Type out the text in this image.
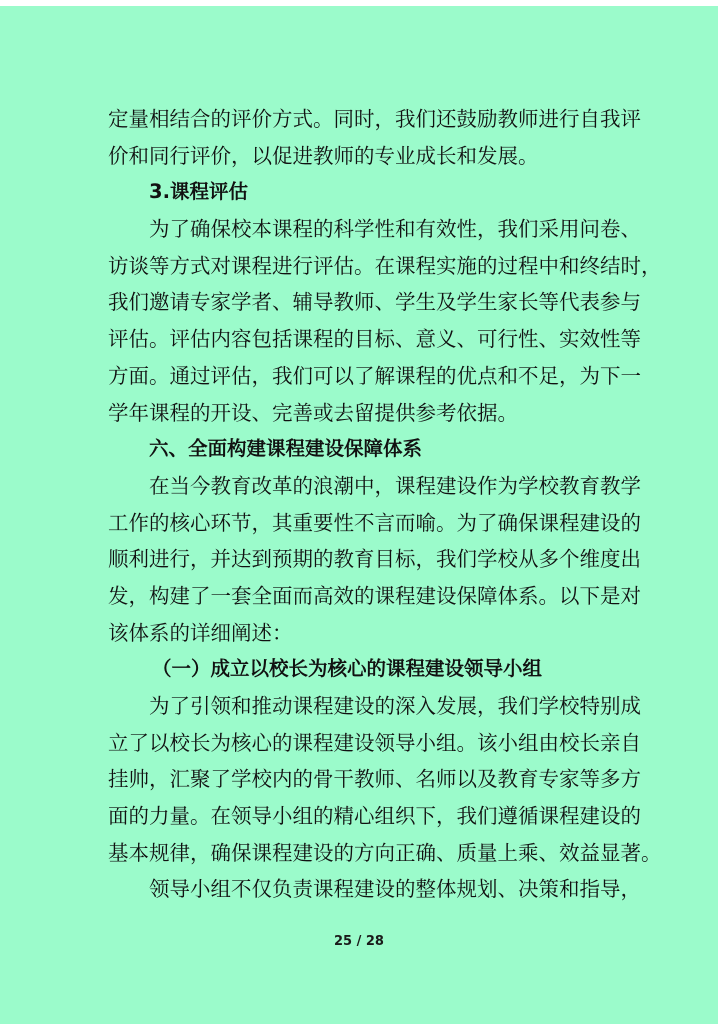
定量相结合的评价方式。同时，我们还鼓励教师进行自我评

价和同行评价，以促进教师的专业成长和发展。

3.课程评估

为了确保校本课程的科学性和有效性，我们采用问卷、

访谈等方式对课程进行评估。在课程实施的过程中和终结时，

我们邀请专家学者、辅导教师、学生及学生家长等代表参与

评估。评估内容包括课程的目标、意义、可行性、实效性等

方面。通过评估，我们可以了解课程的优点和不足，为下一

学年课程的开设、完善或去留提供参考依据。

六、全面构建课程建设保障体系

在当今教育改革的浪潮中，课程建设作为学校教育教学

工作的核心环节，其重要性不言而喻。为了确保课程建设的

顺利进行，并达到预期的教育目标，我们学校从多个维度出

发，构建了一套全面而高效的课程建设保障体系。以下是对

该体系的详细阐述：

（一）成立以校长为核心的课程建设领导小组

为了引领和推动课程建设的深入发展，我们学校特别成

立了以校长为核心的课程建设领导小组。该小组由校长亲自

挂帅，汇聚了学校内的骨干教师、名师以及教育专家等多方

面的力量。在领导小组的精心组织下，我们遵循课程建设的

基本规律，确保课程建设的方向正确、质量上乘、效益显著。

领导小组不仅负责课程建设的整体规划、决策和指导，

25 / 28
